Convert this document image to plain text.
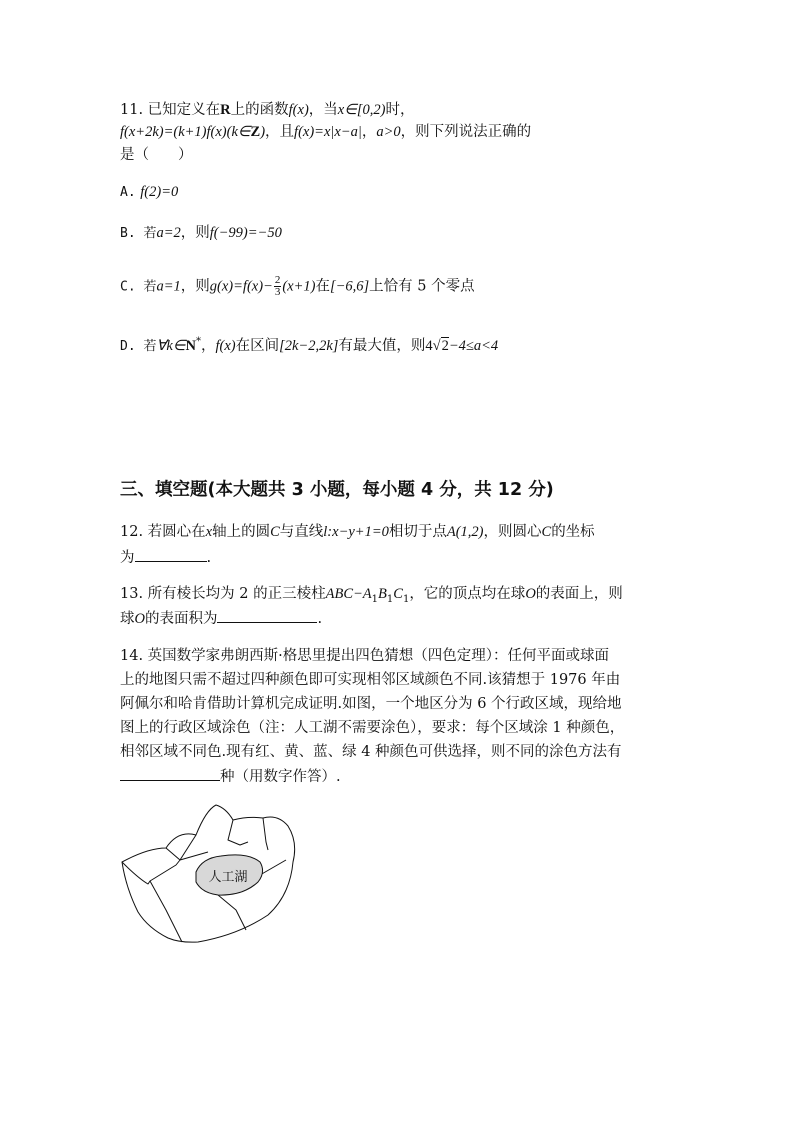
11. 已知定义在R上的函数f(x)，当x∈[0,2)时，
f(x+2k)=(k+1)f(x)(k∈Z)，且f(x)=x|x−a|，a>0，则下列说法正确的
是（　　）
A. f(2)=0
B. 若a=2，则f(−99)=−50
C. 若a=1，则$g(x)=f(x)- \frac{2}{3} (x+1)$在[−6,6]上恰有 5 个零点
D. 若∀k∈N*，f(x)在区间[2k−2,2k]有最大值，则4√2−4≤a<4
三、填空题(本大题共 3 小题，每小题 4 分，共 12 分)
12. 若圆心在x轴上的圆C与直线l:x−y+1=0相切于点A(1,2)，则圆心C的坐标
为	.
13. 所有棱长均为 2 的正三棱柱$ABC-A_1B_1C_1$，它的顶点均在球O的表面上，则
球O的表面积为	.
14. 英国数学家弗朗西斯·格思里提出四色猜想（四色定理）：任何平面或球面
上的地图只需不超过四种颜色即可实现相邻区域颜色不同.该猜想于 1976 年由
阿佩尔和哈肯借助计算机完成证明.如图，一个地区分为 6 个行政区域，现给地
图上的行政区域涂色（注：人工湖不需要涂色），要求：每个区域涂 1 种颜色，
相邻区域不同色.现有红、黄、蓝、绿 4 种颜色可供选择，则不同的涂色方法有
种（用数字作答）.
人工湖
